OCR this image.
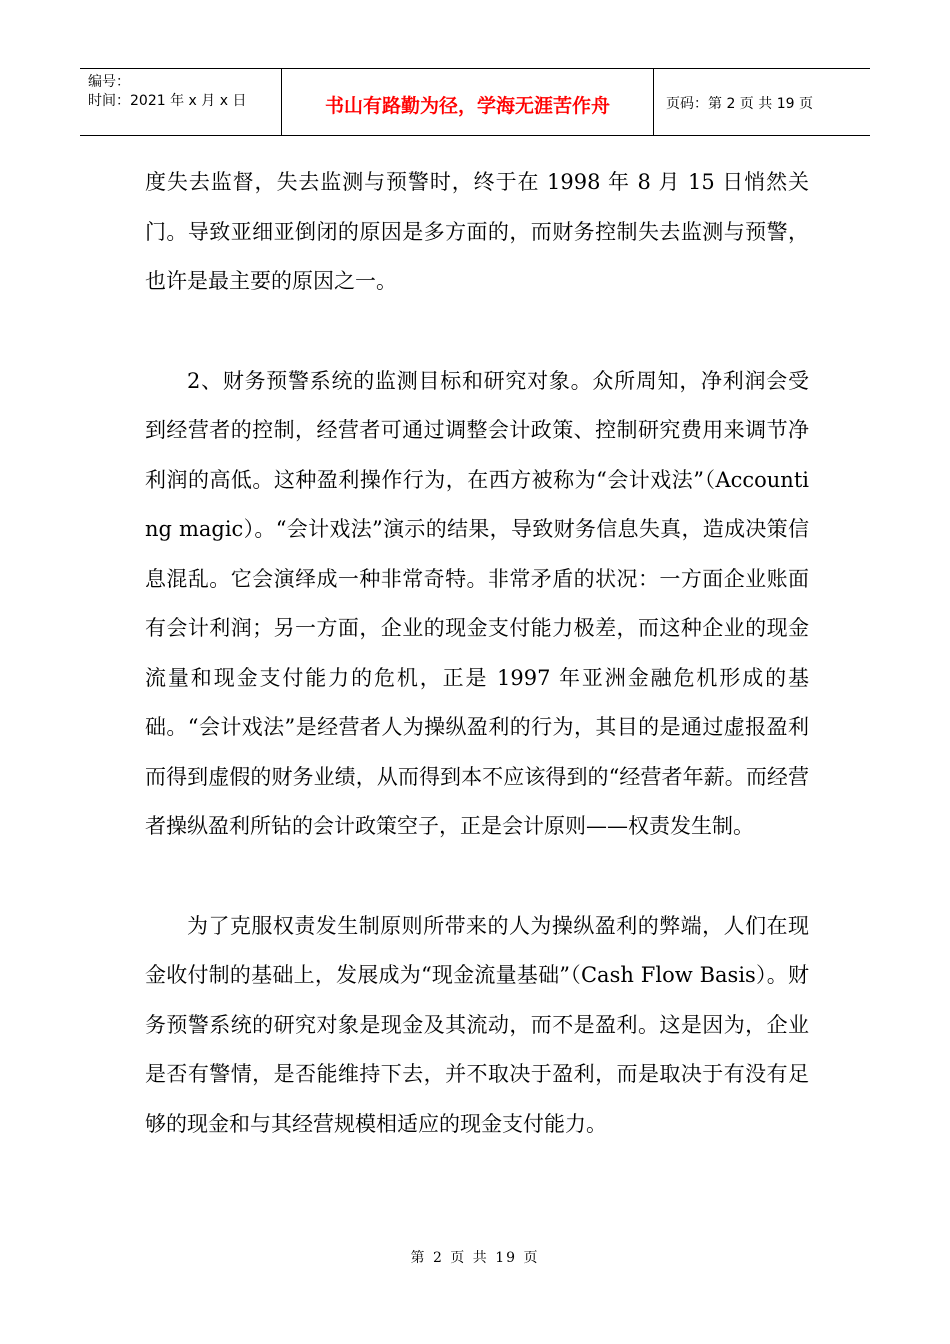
编号：
时间：2021 年 x 月 x 日	书山有路勤为径，学海无涯苦作舟	页码：第 2 页 共 19 页

度失去监督，失去监测与预警时，终于在 1998 年 8 月 15 日悄然关门。导致亚细亚倒闭的原因是多方面的，而财务控制失去监测与预警，也许是最主要的原因之一。

2、财务预警系统的监测目标和研究对象。众所周知，净利润会受到经营者的控制，经营者可通过调整会计政策、控制研究费用来调节净利润的高低。这种盈利操作行为，在西方被称为“会计戏法”（Accounting magic）。“会计戏法”演示的结果，导致财务信息失真，造成决策信息混乱。它会演绎成一种非常奇特。非常矛盾的状况：一方面企业账面有会计利润；另一方面，企业的现金支付能力极差，而这种企业的现金流量和现金支付能力的危机，正是 1997 年亚洲金融危机形成的基础。“会计戏法”是经营者人为操纵盈利的行为，其目的是通过虚报盈利而得到虚假的财务业绩，从而得到本不应该得到的“经营者年薪。而经营者操纵盈利所钻的会计政策空子，正是会计原则——权责发生制。

为了克服权责发生制原则所带来的人为操纵盈利的弊端，人们在现金收付制的基础上，发展成为“现金流量基础”（Cash Flow Basis）。财务预警系统的研究对象是现金及其流动，而不是盈利。这是因为，企业是否有警情，是否能维持下去，并不取决于盈利，而是取决于有没有足够的现金和与其经营规模相适应的现金支付能力。

第 2 页 共 19 页
